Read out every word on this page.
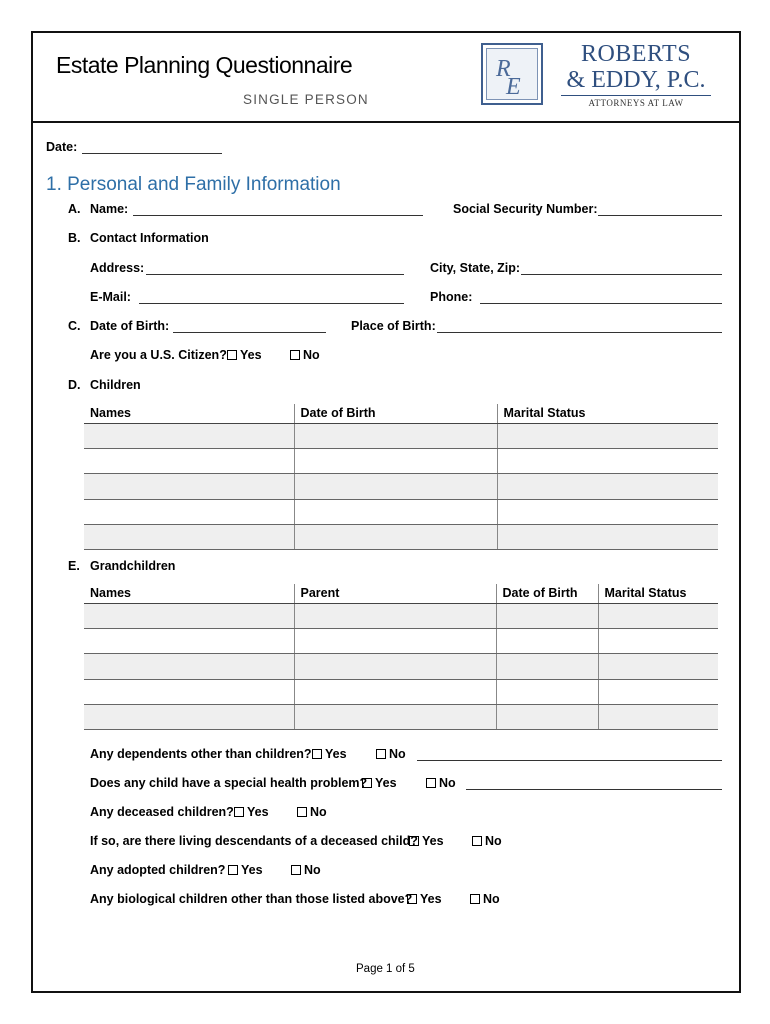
Estate Planning Questionnaire
SINGLE PERSON
R
E
ROBERTS
& EDDY, P.C.
ATTORNEYS AT LAW
Date:
1. Personal and Family Information
A. Name:	Social Security Number:
B. Contact Information
Address:	City, State, Zip:
E-Mail:	Phone:
C. Date of Birth:	Place of Birth:
Are you a U.S. Citizen?	Yes	No
D. Children
Names	Date of Birth	Marital Status

E. Grandchildren
Names	Parent	Date of Birth	Marital Status

Any dependents other than children?	Yes	No
Does any child have a special health problem? Yes	No
Any deceased children?	Yes	No
If so, are there living descendants of a deceased child? Yes	No
Any adopted children?	Yes	No
Any biological children other than those listed above? Yes	No
Page 1 of 5
